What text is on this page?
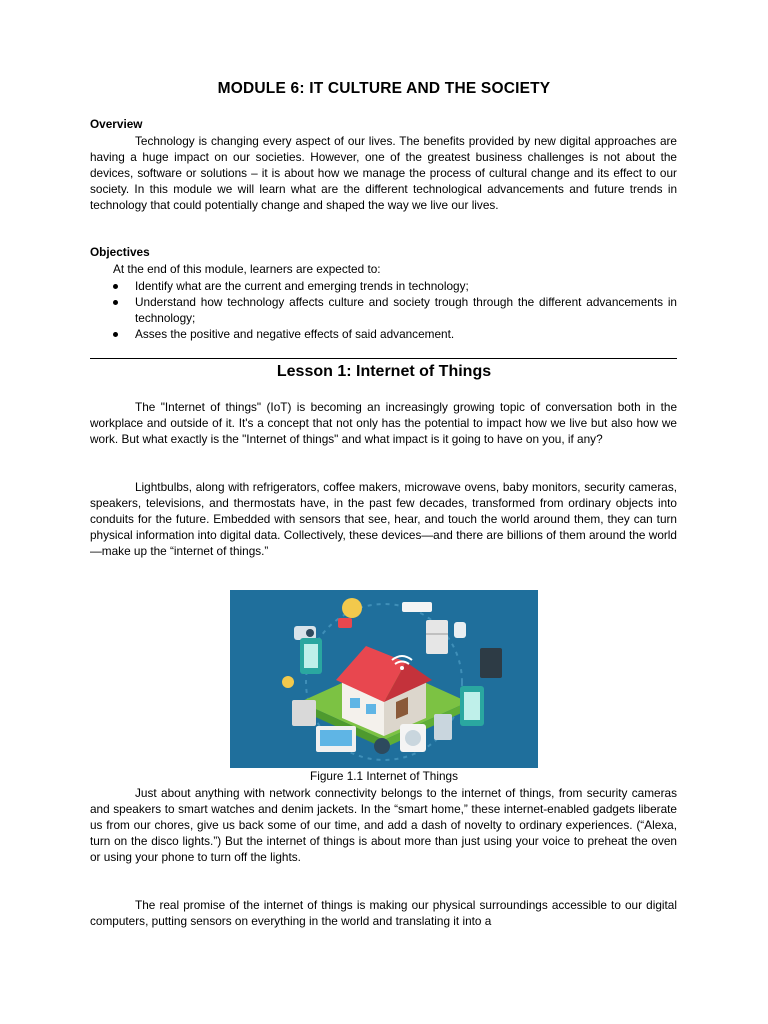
MODULE 6: IT CULTURE AND THE SOCIETY
Overview
Technology is changing every aspect of our lives. The benefits provided by new digital approaches are having a huge impact on our societies. However, one of the greatest business challenges is not about the devices, software or solutions – it is about how we manage the process of cultural change and its effect to our society. In this module we will learn what are the different technological advancements and future trends in technology that could potentially change and shaped the way we live our lives.
Objectives
At the end of this module, learners are expected to:
Identify what are the current and emerging trends in technology;
Understand how technology affects culture and society trough through the different advancements in technology;
Asses the positive and negative effects of said advancement.
Lesson 1: Internet of Things
The "Internet of things" (IoT) is becoming an increasingly growing topic of conversation both in the workplace and outside of it. It's a concept that not only has the potential to impact how we live but also how we work. But what exactly is the "Internet of things" and what impact is it going to have on you, if any?
Lightbulbs, along with refrigerators, coffee makers, microwave ovens, baby monitors, security cameras, speakers, televisions, and thermostats have, in the past few decades, transformed from ordinary objects into conduits for the future. Embedded with sensors that see, hear, and touch the world around them, they can turn physical information into digital data. Collectively, these devices—and there are billions of them around the world—make up the “internet of things.”
Figure 1.1 Internet of Things
Just about anything with network connectivity belongs to the internet of things, from security cameras and speakers to smart watches and denim jackets. In the “smart home,” these internet-enabled gadgets liberate us from our chores, give us back some of our time, and add a dash of novelty to ordinary experiences. (“Alexa, turn on the disco lights.”) But the internet of things is about more than just using your voice to preheat the oven or using your phone to turn off the lights.
The real promise of the internet of things is making our physical surroundings accessible to our digital computers, putting sensors on everything in the world and translating it into a
